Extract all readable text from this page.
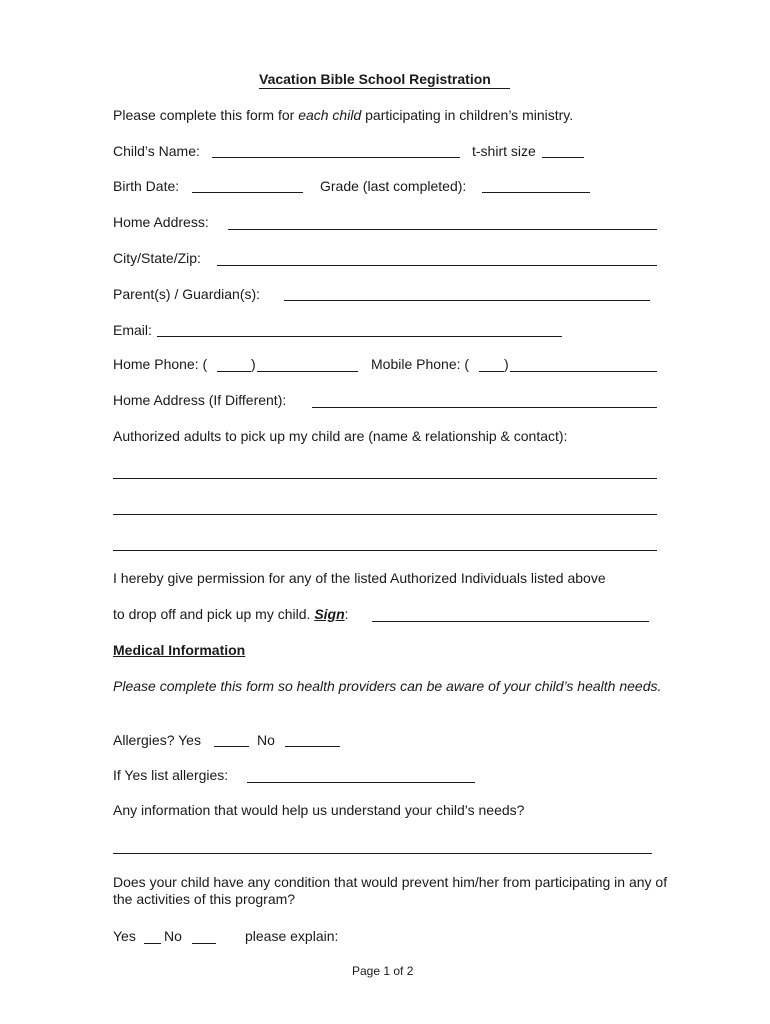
Vacation Bible School Registration
Please complete this form for each child participating in children’s ministry.
Child’s Name:	t-shirt size
Birth Date:	Grade (last completed):
Home Address:
City/State/Zip:
Parent(s) / Guardian(s):
Email:
Home Phone: (	)	Mobile Phone: ( )
Home Address (If Different):
Authorized adults to pick up my child are (name & relationship & contact):
I hereby give permission for any of the listed Authorized Individuals listed above
to drop off and pick up my child. Sign:
Medical Information
Please complete this form so health providers can be aware of your child’s health needs.
Allergies? Yes	No
If Yes list allergies:
Any information that would help us understand your child’s needs?
Does your child have any condition that would prevent him/her from participating in any of the activities of this program?
Yes No	please explain:
Page 1 of 2
